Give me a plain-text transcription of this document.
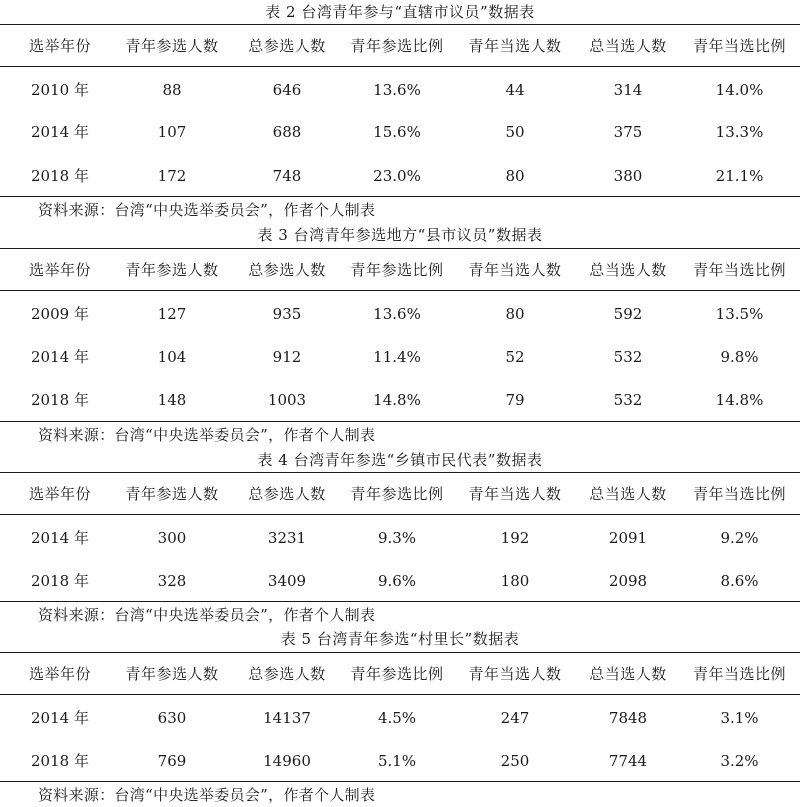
表 2 台湾青年参与“直辖市议员”数据表
选举年份	青年参选人数	总参选人数	青年参选比例	青年当选人数	总当选人数	青年当选比例
2010 年	88	646	13.6%	44	314	14.0%
2014 年	107	688	15.6%	50	375	13.3%
2018 年	172	748	23.0%	80	380	21.1%
资料来源：台湾“中央选举委员会”，作者个人制表
表 3 台湾青年参选地方“县市议员”数据表
选举年份	青年参选人数	总参选人数	青年参选比例	青年当选人数	总当选人数	青年当选比例
2009 年	127	935	13.6%	80	592	13.5%
2014 年	104	912	11.4%	52	532	9.8%
2018 年	148	1003	14.8%	79	532	14.8%
资料来源：台湾“中央选举委员会”，作者个人制表
表 4 台湾青年参选“乡镇市民代表”数据表
选举年份	青年参选人数	总参选人数	青年参选比例	青年当选人数	总当选人数	青年当选比例
2014 年	300	3231	9.3%	192	2091	9.2%
2018 年	328	3409	9.6%	180	2098	8.6%
资料来源：台湾“中央选举委员会”，作者个人制表
表 5 台湾青年参选“村里长”数据表
选举年份	青年参选人数	总参选人数	青年参选比例	青年当选人数	总当选人数	青年当选比例
2014 年	630	14137	4.5%	247	7848	3.1%
2018 年	769	14960	5.1%	250	7744	3.2%
资料来源：台湾“中央选举委员会”，作者个人制表
